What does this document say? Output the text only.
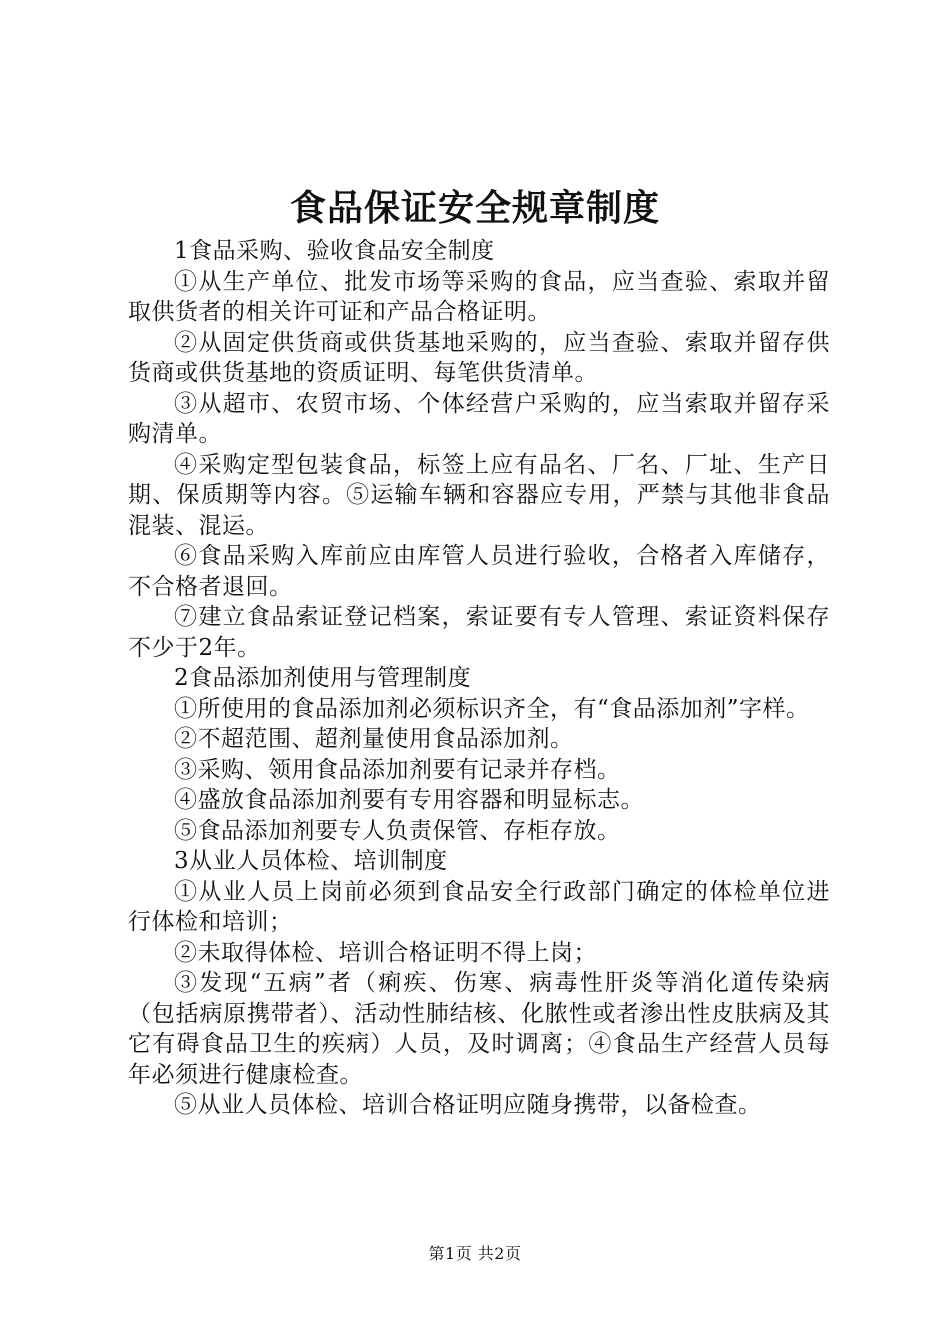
食品保证安全规章制度

1食品采购、验收食品安全制度

①从生产单位、批发市场等采购的食品，应当查验、索取并留取供货者的相关许可证和产品合格证明。

②从固定供货商或供货基地采购的，应当查验、索取并留存供货商或供货基地的资质证明、每笔供货清单。

③从超市、农贸市场、个体经营户采购的，应当索取并留存采购清单。

④采购定型包装食品，标签上应有品名、厂名、厂址、生产日期、保质期等内容。⑤运输车辆和容器应专用，严禁与其他非食品混装、混运。

⑥食品采购入库前应由库管人员进行验收，合格者入库储存，不合格者退回。

⑦建立食品索证登记档案，索证要有专人管理、索证资料保存不少于2年。

2食品添加剂使用与管理制度

①所使用的食品添加剂必须标识齐全，有“食品添加剂”字样。

②不超范围、超剂量使用食品添加剂。

③采购、领用食品添加剂要有记录并存档。

④盛放食品添加剂要有专用容器和明显标志。

⑤食品添加剂要专人负责保管、存柜存放。

3从业人员体检、培训制度

①从业人员上岗前必须到食品安全行政部门确定的体检单位进行体检和培训；

②未取得体检、培训合格证明不得上岗；

③发现“五病”者（痢疾、伤寒、病毒性肝炎等消化道传染病（包括病原携带者）、活动性肺结核、化脓性或者渗出性皮肤病及其它有碍食品卫生的疾病）人员，及时调离；④食品生产经营人员每年必须进行健康检查。

⑤从业人员体检、培训合格证明应随身携带，以备检查。

第1页 共2页
